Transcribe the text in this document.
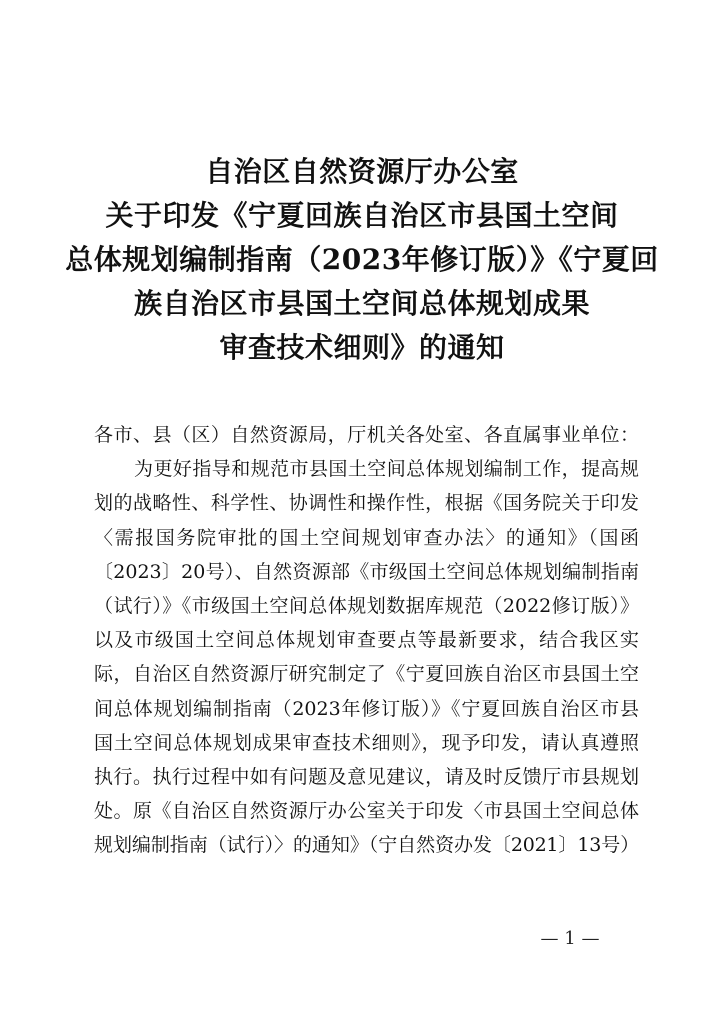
自治区自然资源厅办公室
关于印发《宁夏回族自治区市县国土空间
总体规划编制指南（2023年修订版）》《宁夏回
族自治区市县国土空间总体规划成果
审查技术细则》的通知
各市、县（区）自然资源局，厅机关各处室、各直属事业单位：
为更好指导和规范市县国土空间总体规划编制工作，提高规
划的战略性、科学性、协调性和操作性，根据《国务院关于印发
〈需报国务院审批的国土空间规划审查办法〉的通知》（国函
〔2023〕20号）、自然资源部《市级国土空间总体规划编制指南
（试行）》《市级国土空间总体规划数据库规范（2022修订版）》
以及市级国土空间总体规划审查要点等最新要求，结合我区实
际，自治区自然资源厅研究制定了《宁夏回族自治区市县国土空
间总体规划编制指南（2023年修订版）》《宁夏回族自治区市县
国土空间总体规划成果审查技术细则》，现予印发，请认真遵照
执行。执行过程中如有问题及意见建议，请及时反馈厅市县规划
处。原《自治区自然资源厅办公室关于印发〈市县国土空间总体
规划编制指南（试行）〉的通知》（宁自然资办发〔2021〕13号）
— 1 —
